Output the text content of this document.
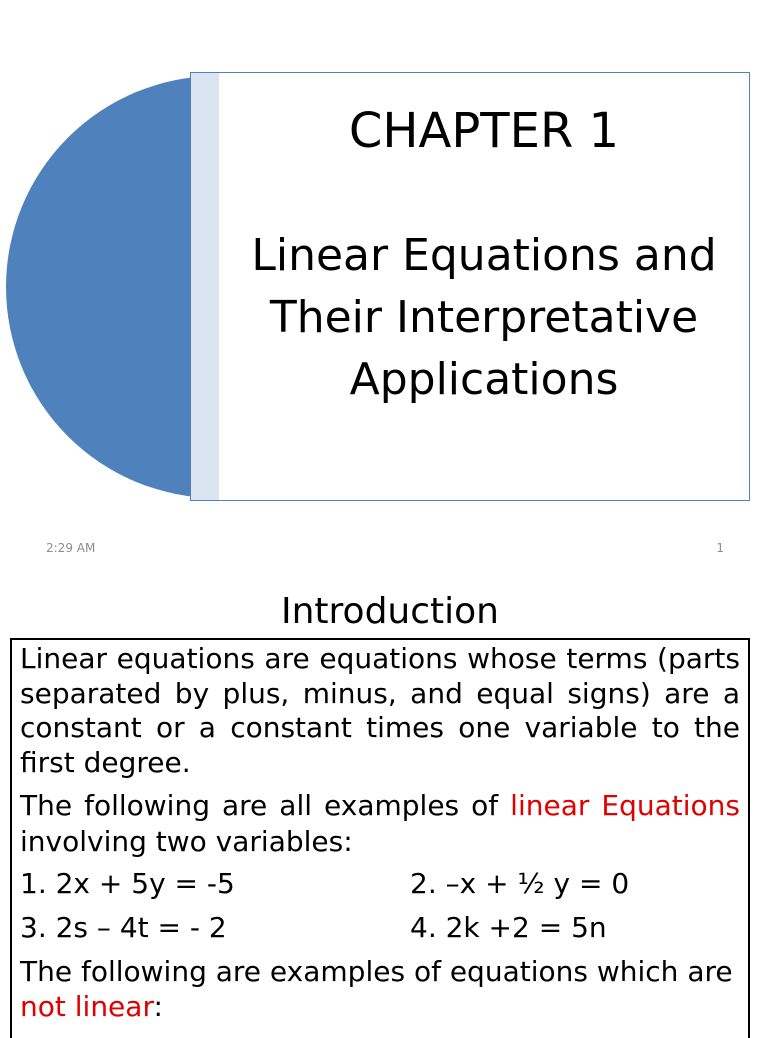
CHAPTER 1
Linear Equations and Their Interpretative Applications
2:29 AM	1
Introduction

Linear equations are equations whose terms (parts separated by plus, minus, and equal signs) are a constant or a constant times one variable to the first degree.

The following are all examples of linear Equations involving two variables:

1. 2x + 5y = -5	2. –x + ½ y = 0
3. 2s – 4t = - 2	4. 2k +2 = 5n

The following are examples of equations which are not linear:
